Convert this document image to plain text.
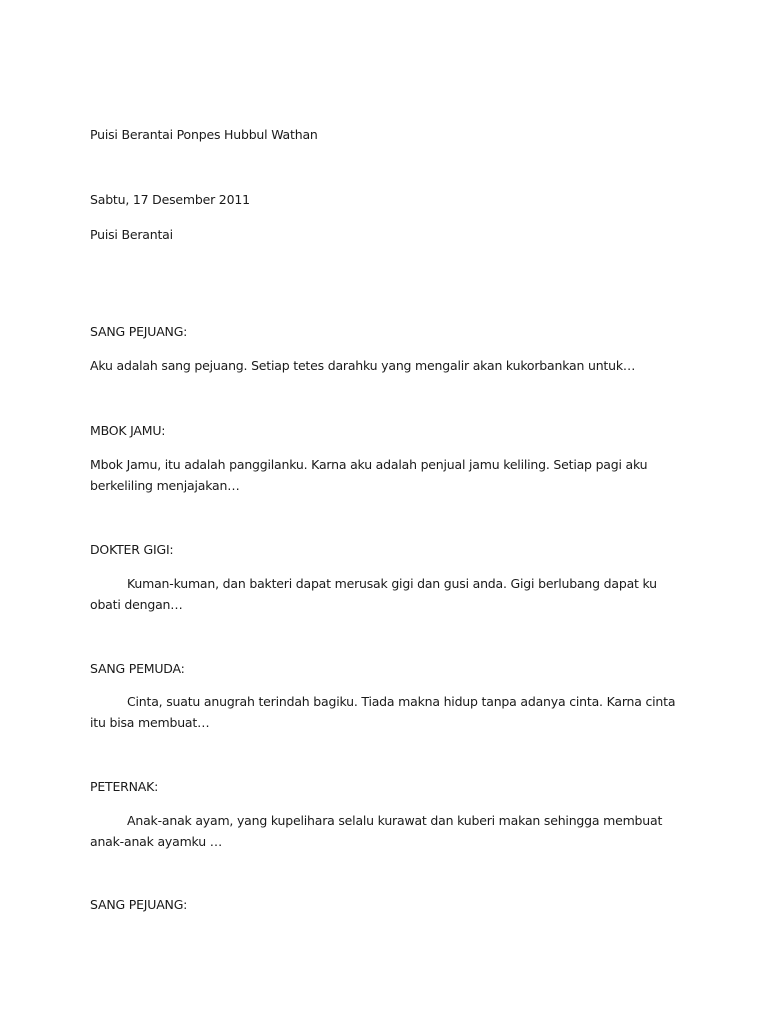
Puisi Berantai Ponpes Hubbul Wathan
Sabtu, 17 Desember 2011
Puisi Berantai
SANG PEJUANG:
Aku adalah sang pejuang. Setiap tetes darahku yang mengalir akan kukorbankan untuk…
MBOK JAMU:
Mbok Jamu, itu adalah panggilanku. Karna aku adalah penjual jamu keliling. Setiap pagi aku berkeliling menjajakan…
DOKTER GIGI:
Kuman-kuman, dan bakteri dapat merusak gigi dan gusi anda. Gigi berlubang dapat ku obati dengan…
SANG PEMUDA:
Cinta, suatu anugrah terindah bagiku. Tiada makna hidup tanpa adanya cinta. Karna cinta itu bisa membuat…
PETERNAK:
Anak-anak ayam, yang kupelihara selalu kurawat dan kuberi makan sehingga membuat anak-anak ayamku …
SANG PEJUANG:
